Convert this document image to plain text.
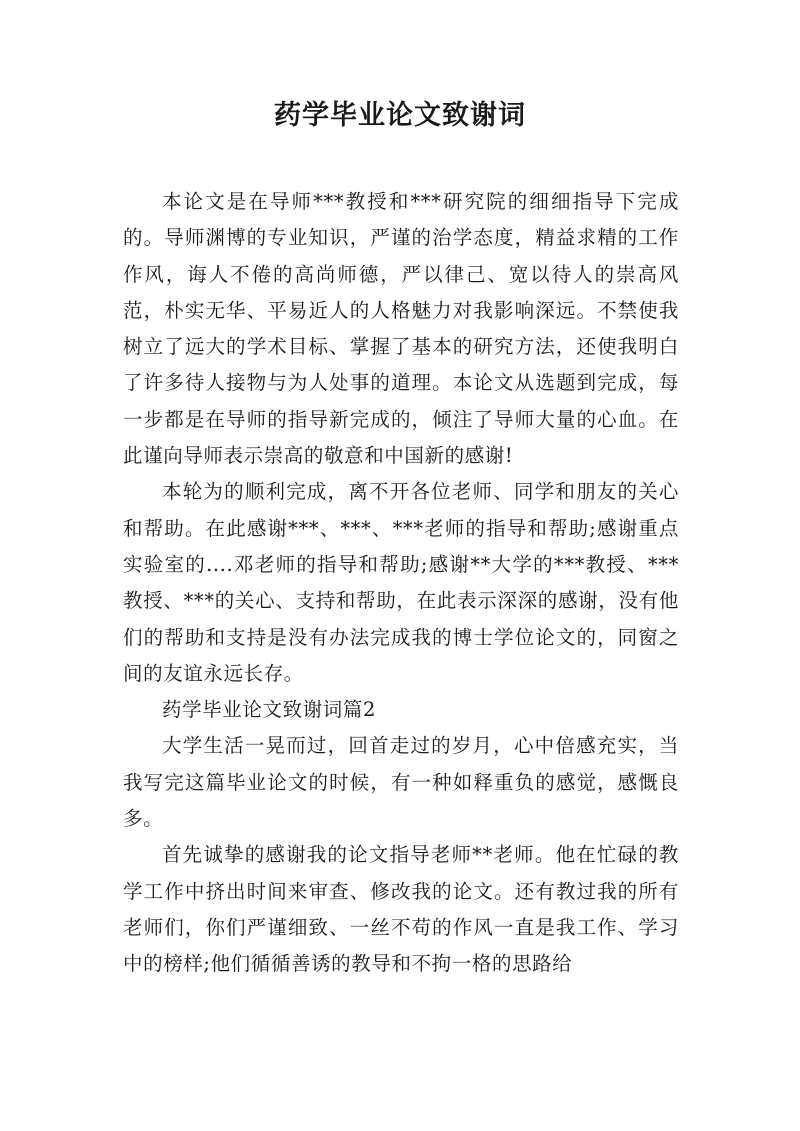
药学毕业论文致谢词

本论文是在导师***教授和***研究院的细细指导下完成的。导师渊博的专业知识，严谨的治学态度，精益求精的工作作风，诲人不倦的高尚师德，严以律己、宽以待人的崇高风范，朴实无华、平易近人的人格魅力对我影响深远。不禁使我树立了远大的学术目标、掌握了基本的研究方法，还使我明白了许多待人接物与为人处事的道理。本论文从选题到完成，每一步都是在导师的指导新完成的，倾注了导师大量的心血。在此谨向导师表示崇高的敬意和中国新的感谢!

本轮为的顺利完成，离不开各位老师、同学和朋友的关心和帮助。在此感谢***、***、***老师的指导和帮助;感谢重点实验室的....邓老师的指导和帮助;感谢**大学的***教授、***教授、***的关心、支持和帮助，在此表示深深的感谢，没有他们的帮助和支持是没有办法完成我的博士学位论文的，同窗之间的友谊永远长存。

药学毕业论文致谢词篇2

大学生活一晃而过，回首走过的岁月，心中倍感充实，当我写完这篇毕业论文的时候，有一种如释重负的感觉，感慨良多。

首先诚挚的感谢我的论文指导老师**老师。他在忙碌的教学工作中挤出时间来审查、修改我的论文。还有教过我的所有老师们，你们严谨细致、一丝不苟的作风一直是我工作、学习中的榜样;他们循循善诱的教导和不拘一格的思路给
